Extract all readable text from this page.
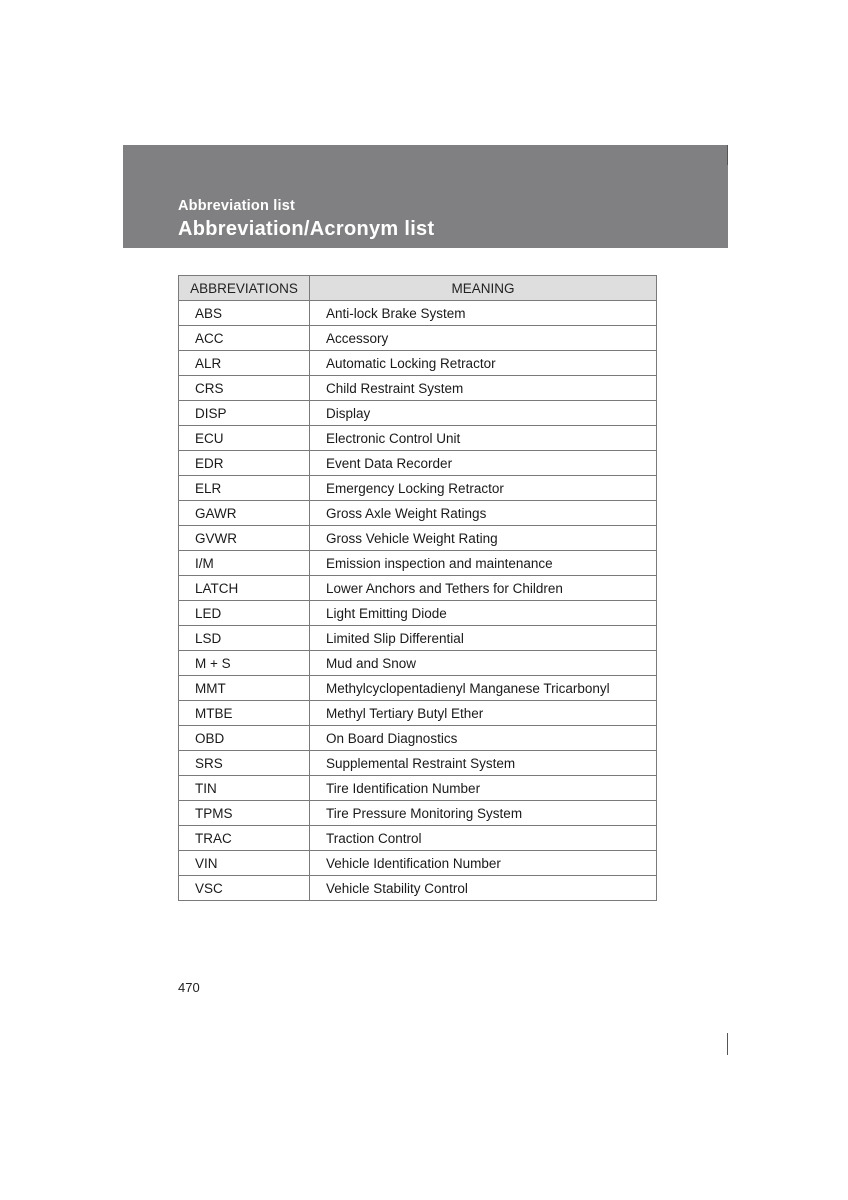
Abbreviation list
Abbreviation/Acronym list
ABBREVIATIONS	MEANING
ABS	Anti-lock Brake System
ACC	Accessory
ALR	Automatic Locking Retractor
CRS	Child Restraint System
DISP	Display
ECU	Electronic Control Unit
EDR	Event Data Recorder
ELR	Emergency Locking Retractor
GAWR	Gross Axle Weight Ratings
GVWR	Gross Vehicle Weight Rating
I/M	Emission inspection and maintenance
LATCH	Lower Anchors and Tethers for Children
LED	Light Emitting Diode
LSD	Limited Slip Differential
M + S	Mud and Snow
MMT	Methylcyclopentadienyl Manganese Tricarbonyl
MTBE	Methyl Tertiary Butyl Ether
OBD	On Board Diagnostics
SRS	Supplemental Restraint System
TIN	Tire Identification Number
TPMS	Tire Pressure Monitoring System
TRAC	Traction Control
VIN	Vehicle Identification Number
VSC	Vehicle Stability Control
470
